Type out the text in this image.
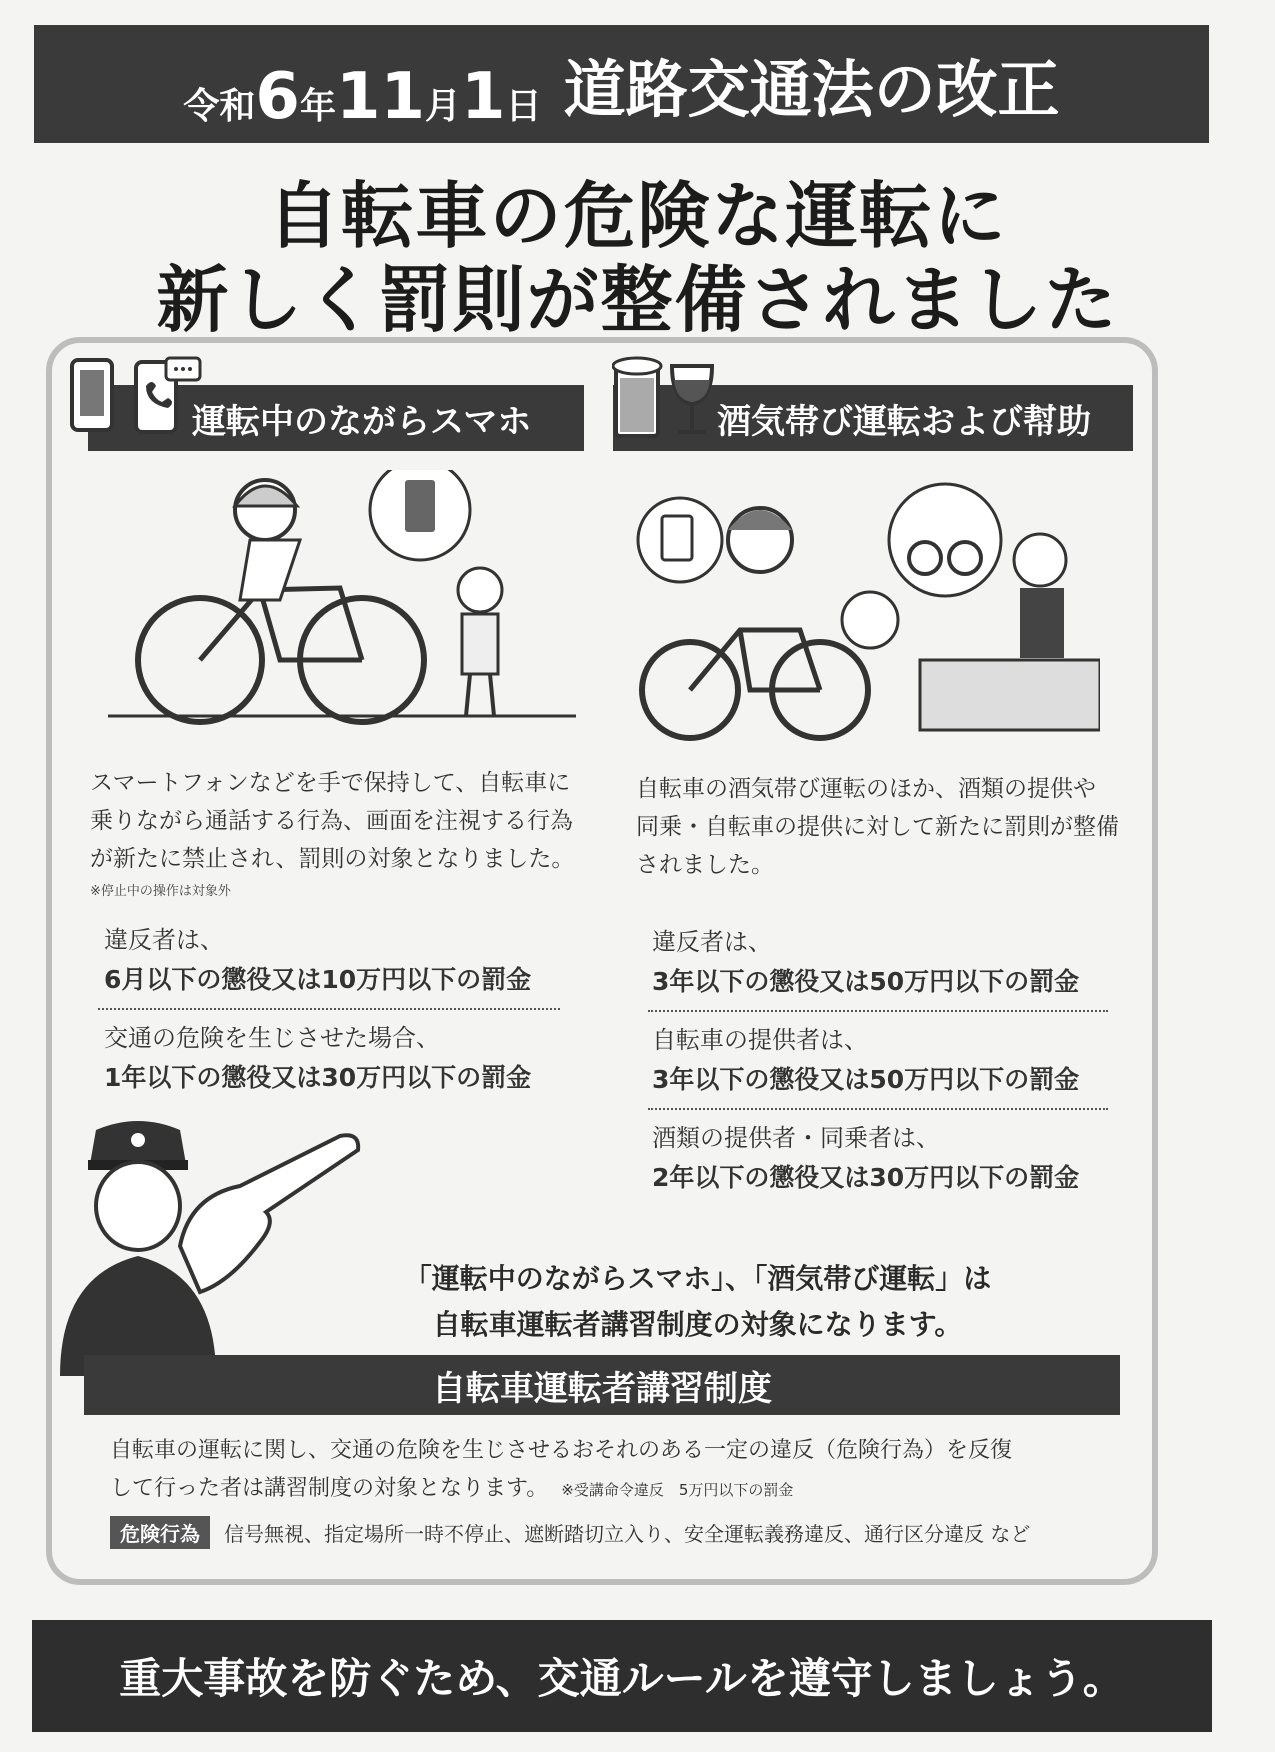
令和 6 年 11 月 1 日 道路交通法の改正
自転車の危険な運転に
新しく罰則が整備されました
運転中のながらスマホ	酒気帯び運転および幇助
スマートフォンなどを手で保持して、自転車に
乗りながら通話する行為、画面を注視する行為
が新たに禁止され、罰則の対象となりました。
※停止中の操作は対象外
違反者は、
6月以下の懲役又は10万円以下の罰金
交通の危険を生じさせた場合、
1年以下の懲役又は30万円以下の罰金
自転車の酒気帯び運転のほか、酒類の提供や
同乗・自転車の提供に対して新たに罰則が整備
されました。
違反者は、
3年以下の懲役又は50万円以下の罰金
自転車の提供者は、
3年以下の懲役又は50万円以下の罰金
酒類の提供者・同乗者は、
2年以下の懲役又は30万円以下の罰金
「運転中のながらスマホ」、「酒気帯び運転」は
自転車運転者講習制度の対象になります。
自転車運転者講習制度
自転車の運転に関し、交通の危険を生じさせるおそれのある一定の違反（危険行為）を反復
して行った者は講習制度の対象となります。 ※受講命令違反　5万円以下の罰金
危険行為	信号無視、指定場所一時不停止、遮断踏切立入り、安全運転義務違反、通行区分違反 など
重大事故を防ぐため、交通ルールを遵守しましょう。
